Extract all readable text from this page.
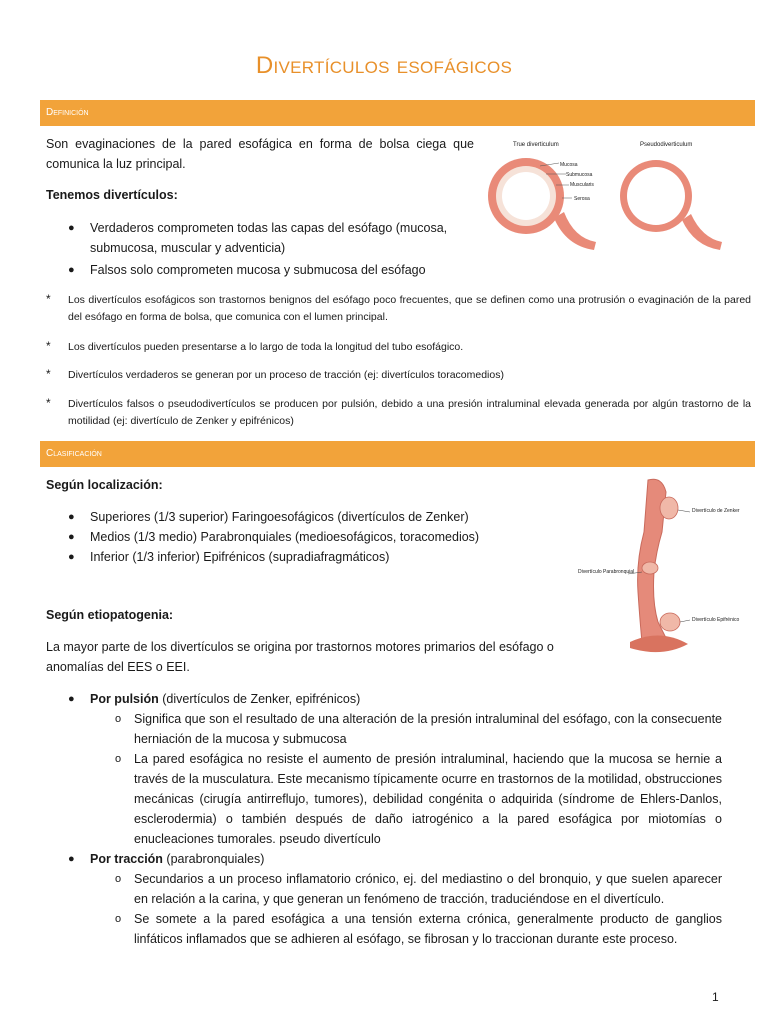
Divertículos esofágicos
Definición
Son evaginaciones de la pared esofágica en forma de bolsa ciega que comunica la luz principal.
Tenemos divertículos:
● Verdaderos comprometen todas las capas del esófago (mucosa, submucosa, muscular y adventicia)
● Falsos solo comprometen mucosa y submucosa del esófago
True diverticulum	Pseudodiverticulum
Mucosa
Submucosa
Muscularis
Serosa
* Los divertículos esofágicos son trastornos benignos del esófago poco frecuentes, que se definen como una protrusión o evaginación de la pared del esófago en forma de bolsa, que comunica con el lumen principal.
* Los divertículos pueden presentarse a lo largo de toda la longitud del tubo esofágico.
* Divertículos verdaderos se generan por un proceso de tracción (ej: divertículos toracomedios)
* Divertículos falsos o pseudodivertículos se producen por pulsión, debido a una presión intraluminal elevada generada por algún trastorno de la motilidad (ej: divertículo de Zenker y epifrénicos)
Clasificación
Según localización:
● Superiores (1/3 superior) Faringoesofágicos (divertículos de Zenker)
● Medios (1/3 medio) Parabronquiales (medioesofágicos, toracomedios)
● Inferior (1/3 inferior) Epifrénicos (supradiafragmáticos)
Divertículo de Zenker
Divertículo Parabronquial
Divertículo Epifrénico
Según etiopatogenia:
La mayor parte de los divertículos se origina por trastornos motores primarios del esófago o anomalías del EES o EEI.
● Por pulsión (divertículos de Zenker, epifrénicos)
o Significa que son el resultado de una alteración de la presión intraluminal del esófago, con la consecuente herniación de la mucosa y submucosa
o La pared esofágica no resiste el aumento de presión intraluminal, haciendo que la mucosa se hernie a través de la musculatura. Este mecanismo típicamente ocurre en trastornos de la motilidad, obstrucciones mecánicas (cirugía antirreflujo, tumores), debilidad congénita o adquirida (síndrome de Ehlers-Danlos, esclerodermia) o también después de daño iatrogénico a la pared esofágica por miotomías o enucleaciones tumorales. pseudo divertículo
● Por tracción (parabronquiales)
o Secundarios a un proceso inflamatorio crónico, ej. del mediastino o del bronquio, y que suelen aparecer en relación a la carina, y que generan un fenómeno de tracción, traduciéndose en el divertículo.
o Se somete a la pared esofágica a una tensión externa crónica, generalmente producto de ganglios linfáticos inflamados que se adhieren al esófago, se fibrosan y lo traccionan durante este proceso.
1
